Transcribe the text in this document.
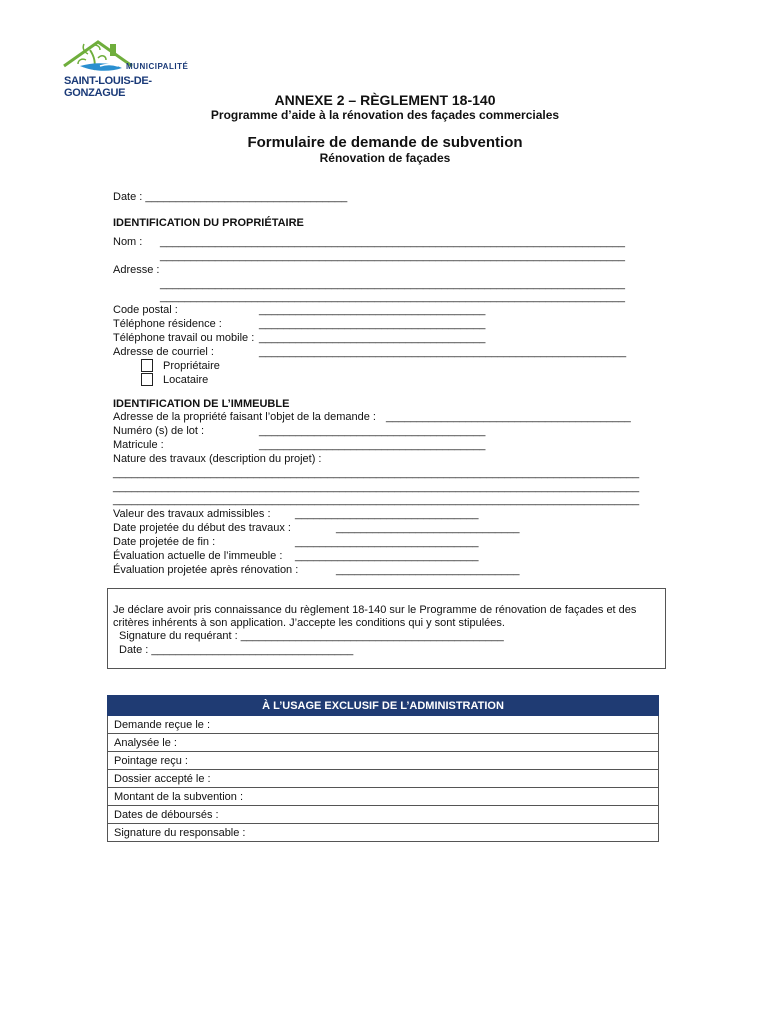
MUNICIPALITÉ
SAINT-LOUIS-DE-GONZAGUE	ANNEXE 2 – RÈGLEMENT 18-140
Programme d’aide à la rénovation des façades commerciales
Formulaire de demande de subvention
Rénovation de façades
Date : _________________________________
IDENTIFICATION DU PROPRIÉTAIRE
Nom : ____________________________________________________________________________
____________________________________________________________________________
Adresse :
____________________________________________________________________________
____________________________________________________________________________
Code postal :	_____________________________________
Téléphone résidence :	_____________________________________
Téléphone travail ou mobile : _____________________________________
Adresse de courriel :	____________________________________________________________
Propriétaire
Locataire
IDENTIFICATION DE L’IMMEUBLE
Adresse de la propriété faisant l’objet de la demande : ________________________________________
Numéro (s) de lot :	_____________________________________
Matricule :	_____________________________________
Nature des travaux (description du projet) :
______________________________________________________________________________________
______________________________________________________________________________________
______________________________________________________________________________________
Valeur des travaux admissibles : ______________________________
Date projetée du début des travaux :	______________________________
Date projetée de fin :	______________________________
Évaluation actuelle de l’immeuble : ______________________________
Évaluation projetée après rénovation :	______________________________
Je déclare avoir pris connaissance du règlement 18-140 sur le Programme de rénovation de façades et des
critères inhérents à son application. J’accepte les conditions qui y sont stipulées.
Signature du requérant : ___________________________________________
Date : _________________________________
À L’USAGE EXCLUSIF DE L’ADMINISTRATION
Demande reçue le :
Analysée le :
Pointage reçu :
Dossier accepté le :
Montant de la subvention :
Dates de déboursés :
Signature du responsable :
